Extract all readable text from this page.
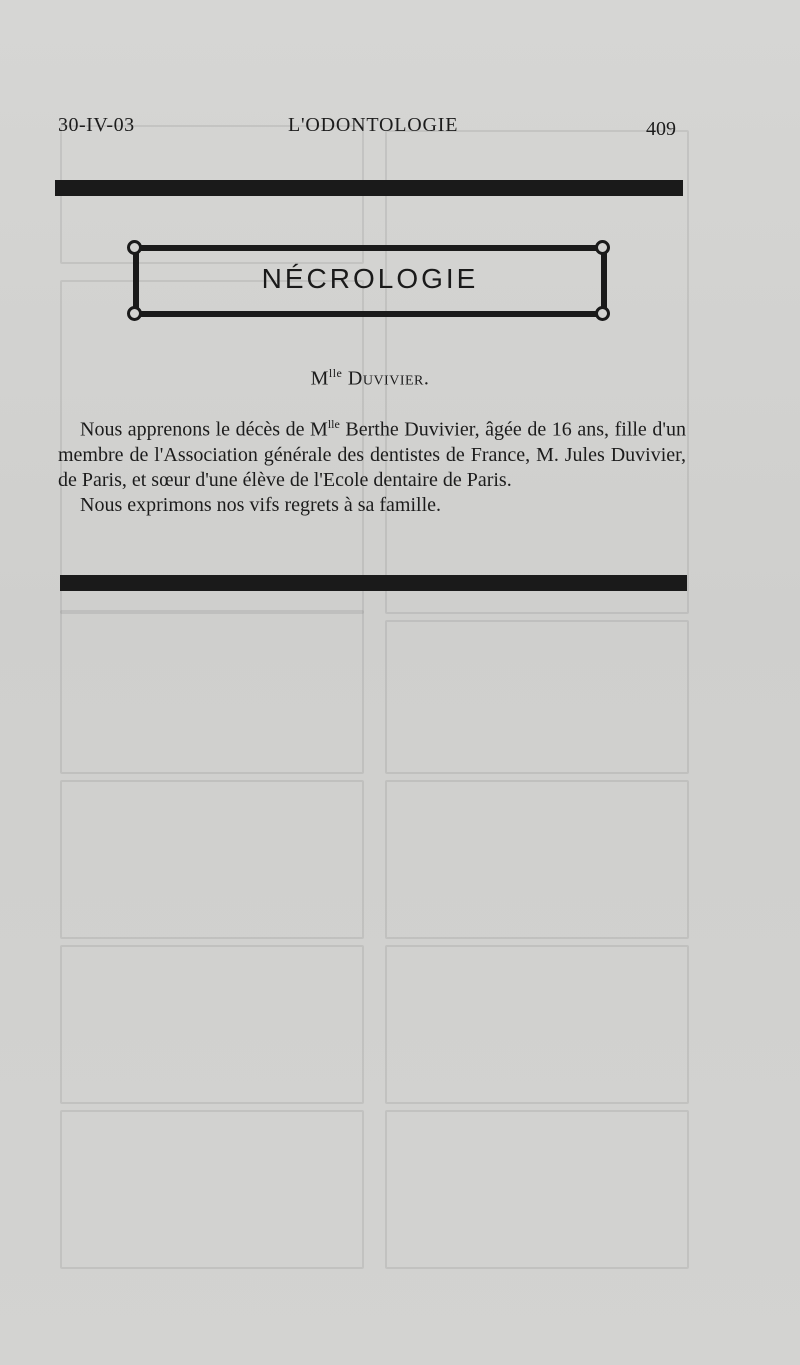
30-IV-03	L'ODONTOLOGIE	409
NÉCROLOGIE
$M^{lle}$ Duvivier.

Nous apprenons le décès de $M^{lle}$ Berthe Duvivier, âgée de 16 ans, fille d'un membre de l'Association générale des dentistes de France, M. Jules Duvivier, de Paris, et sœur d'une élève de l'Ecole dentaire de Paris.

Nous exprimons nos vifs regrets à sa famille.
